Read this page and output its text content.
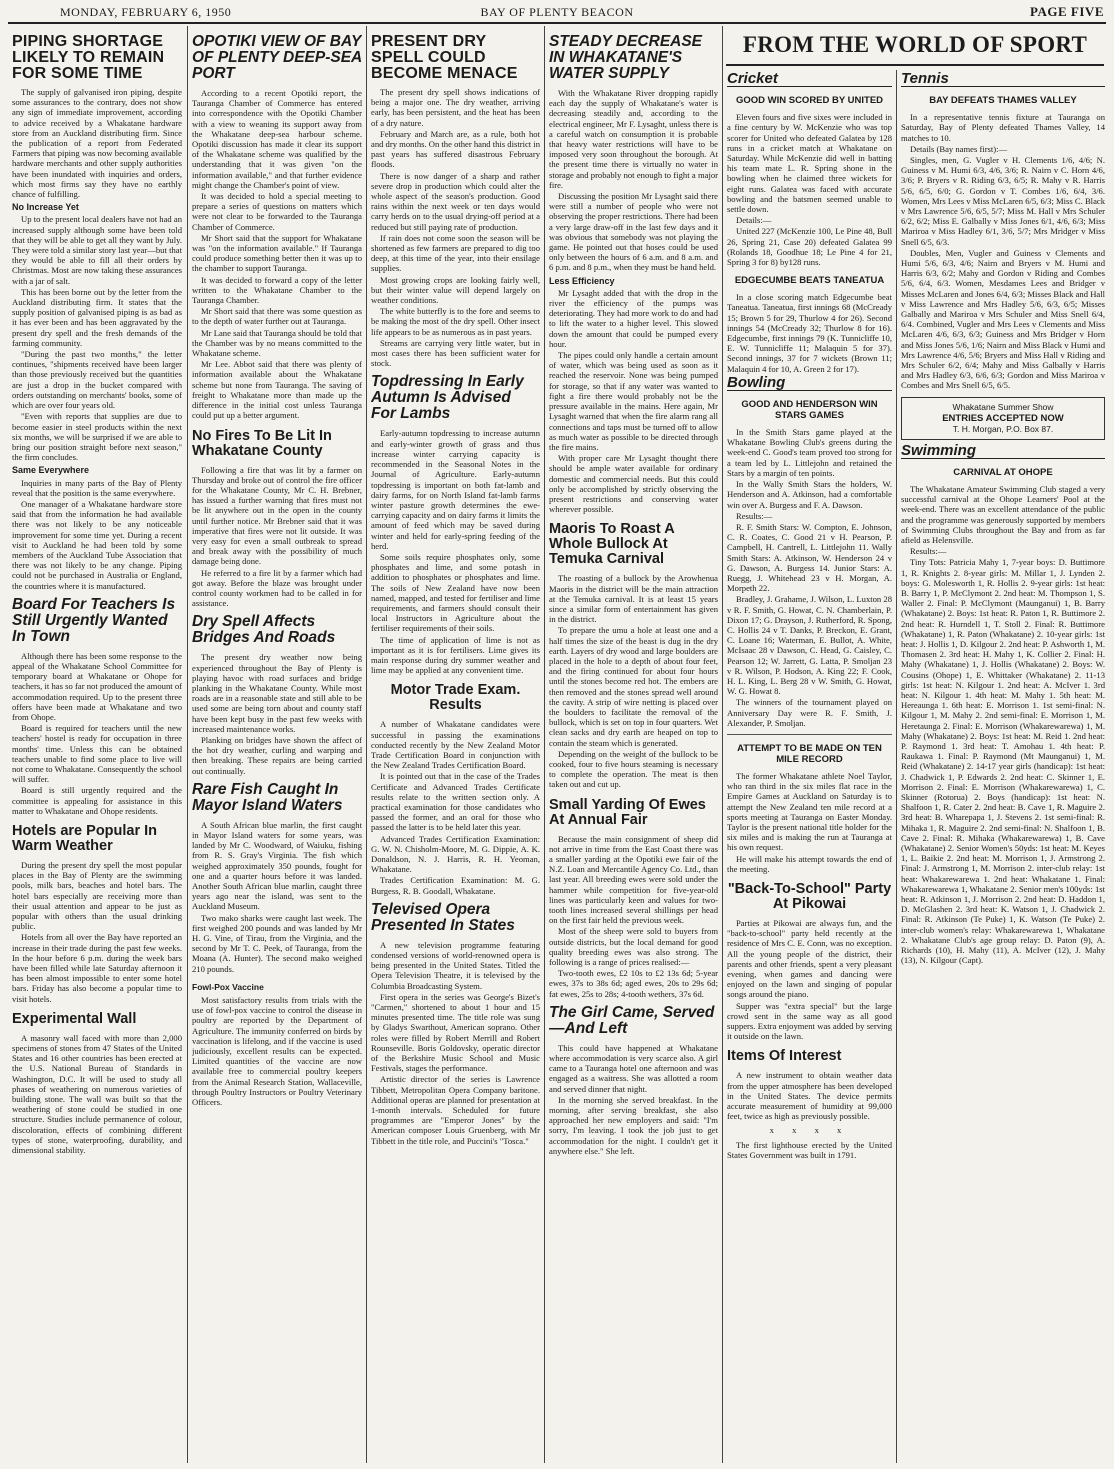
MONDAY, FEBRUARY 6, 1950	BAY OF PLENTY BEACON	PAGE FIVE
PIPING SHORTAGE LIKELY TO REMAIN FOR SOME TIME

The supply of galvanised iron piping, despite some assurances to the contrary, does not show any sign of immediate improvement, according to advice received by a Whakatane hardware store from an Auckland distributing firm. Since the publication of a report from Federated Farmers that piping was now becoming available hardware merchants and other supply authorities have been inundated with inquiries and orders, which most firms say they have no earthly chance of fulfilling.

No Increase Yet

Up to the present local dealers have not had an increased supply although some have been told that they will be able to get all they want by July. They were told a similar story last year—but that they would be able to fill all their orders by Christmas. Most are now taking these assurances with a jar of salt.

This has been borne out by the letter from the Auckland distributing firm. It states that the supply position of galvanised piping is as bad as it has ever been and has been aggravated by the present dry spell and the fresh demands of the farming community.

"During the past two months," the letter continues, "shipments received have been larger than those previously received but the quantities are just a drop in the bucket compared with orders outstanding on merchants' books, some of which are over four years old.

"Even with reports that supplies are due to become easier in steel products within the next six months, we will be surprised if we are able to bring our position straight before next season," the firm concludes.

Same Everywhere

Inquiries in many parts of the Bay of Plenty reveal that the position is the same everywhere.

One manager of a Whakatane hardware store said that from the information he had available there was not likely to be any noticeable improvement for some time yet. During a recent visit to Auckland he had been told by some members of the Auckland Tube Association that there was not likely to be any change. Piping could not be purchased in Australia or England, the countries where it is manufactured.

Board For Teachers Is Still Urgently Wanted In Town

Although there has been some response to the appeal of the Whakatane School Committee for temporary board at Whakatane or Ohope for teachers, it has so far not produced the amount of accommodation required. Up to the present three offers have been made at Whakatane and two from Ohope.

Board is required for teachers until the new teachers' hostel is ready for occupation in three months' time. Unless this can be obtained teachers unable to find some place to live will not come to Whakatane. Consequently the school will suffer.

Board is still urgently required and the committee is appealing for assistance in this matter to Whakatane and Ohope residents.

Hotels are Popular In Warm Weather

During the present dry spell the most popular places in the Bay of Plenty are the swimming pools, milk bars, beaches and hotel bars. The hotel bars especially are receiving more than their usual attention and appear to be just as popular with others than the usual drinking public.

Hotels from all over the Bay have reported an increase in their trade during the past few weeks. In the hour before 6 p.m. during the week bars have been filled while late Saturday afternoon it has been almost impossible to enter some hotel bars. Friday has also become a popular time to visit hotels.

Experimental Wall

A masonry wall faced with more than 2,000 specimens of stones from 47 States of the United States and 16 other countries has been erected at the U.S. National Bureau of Standards in Washington, D.C. It will be used to study all phases of weathering on numerous varieties of building stone. The wall was built so that the weathering of stone could be studied in one structure. Studies include permanence of colour, discoloration, effects of combining different types of stone, waterproofing, durability, and dimensional stability.

OPOTIKI VIEW OF BAY OF PLENTY DEEP-SEA PORT

According to a recent Opotiki report, the Tauranga Chamber of Commerce has entered into correspondence with the Opotiki Chamber with a view to weaning its support away from the Whakatane deep-sea harbour scheme. Opotiki discussion has made it clear its support of the Whakatane scheme was qualified by the understanding that it was given "on the information available," and that further evidence might change the Chamber's point of view.

It was decided to hold a special meeting to prepare a series of questions on matters which were not clear to be forwarded to the Tauranga Chamber of Commerce.

Mr Short said that the support for Whakatane was "on the information available." If Tauranga could produce something better then it was up to the chamber to support Tauranga.

It was decided to forward a copy of the letter written to the Whakatane Chamber to the Tauranga Chamber.

Mr Short said that there was some question as to the depth of water further out at Tauranga.

Mr Lane said that Tauranga should be told that the Chamber was by no means committed to the Whakatane scheme.

Mr Lee. Abbot said that there was plenty of information available about the Whakatane scheme but none from Tauranga. The saving of freight to Whakatane more than made up the difference in the initial cost unless Tauranga could put up a better argument.

No Fires To Be Lit In Whakatane County

Following a fire that was lit by a farmer on Thursday and broke out of control the fire officer for the Whakatane County, Mr C. H. Brebner, has issued a further warning that fires must not be lit anywhere out in the open in the county until further notice. Mr Brebner said that it was imperative that fires were not lit outside. It was very easy for even a small outbreak to spread and break away with the possibility of much damage being done.

He referred to a fire lit by a farmer which had got away. Before the blaze was brought under control county workmen had to be called in for assistance.

Dry Spell Affects Bridges And Roads

The present dry weather now being experienced throughout the Bay of Plenty is playing havoc with road surfaces and bridge planking in the Whakatane County. While most roads are in a reasonable state and still able to be used some are being torn about and county staff have been kept busy in the past few weeks with increased maintenance works.

Planking on bridges have shown the affect of the hot dry weather, curling and warping and then breaking. These repairs are being carried out continually.

Rare Fish Caught In Mayor Island Waters

A South African blue marlin, the first caught in Mayor Island waters for some years, was landed by Mr C. Woodward, of Waiuku, fishing from R. S. Gray's Virginia. The fish which weighed approximately 350 pounds, fought for one and a quarter hours before it was landed. Another South African blue marlin, caught three years ago near the island, was sent to the Auckland Museum.

Two mako sharks were caught last week. The first weighed 200 pounds and was landed by Mr H. G. Vine, of Tirau, from the Virginia, and the second by Mr T. C. Peek, of Tauranga, from the Moana (A. Hunter). The second mako weighed 210 pounds.

Fowl-Pox Vaccine

Most satisfactory results from trials with the use of fowl-pox vaccine to control the disease in poultry are reported by the Department of Agriculture. The immunity conferred on birds by vaccination is lifelong, and if the vaccine is used judiciously, excellent results can be expected. Limited quantities of the vaccine are now available free to commercial poultry keepers from the Animal Research Station, Wallaceville, through Poultry Instructors or Poultry Veterinary Officers.

PRESENT DRY SPELL COULD BECOME MENACE

The present dry spell shows indications of being a major one. The dry weather, arriving early, has been persistent, and the heat has been of a dry nature.

February and March are, as a rule, both hot and dry months. On the other hand this district in past years has suffered disastrous February floods.

There is now danger of a sharp and rather severe drop in production which could alter the whole aspect of the season's production. Good rains within the next week or ten days would carry herds on to the usual drying-off period at a reduced but still paying rate of production.

If rain does not come soon the season will be shortened as few farmers are prepared to dig too deep, at this time of the year, into their ensilage supplies.

Most growing crops are looking fairly well, but their winter value will depend largely on weather conditions.

The white butterfly is to the fore and seems to be making the most of the dry spell. Other insect life appears to be as numerous as in past years.

Streams are carrying very little water, but in most cases there has been sufficient water for stock.

Topdressing In Early Autumn Is Advised For Lambs

Early-autumn topdressing to increase autumn and early-winter growth of grass and thus increase winter carrying capacity is recommended in the Seasonal Notes in the Journal of Agriculture. Early-autumn topdressing is important on both fat-lamb and dairy farms, for on North Island fat-lamb farms winter pasture growth determines the ewe-carrying capacity and on dairy farms it limits the amount of feed which may be saved during winter and held for early-spring feeding of the herd.

Some soils require phosphates only, some phosphates and lime, and some potash in addition to phosphates or phosphates and lime. The soils of New Zealand have now been named, mapped, and tested for fertiliser and lime requirements, and farmers should consult their local Instructors in Agriculture about the fertiliser requirements of their soils.

The time of application of lime is not as important as it is for fertilisers. Lime gives its main response during dry summer weather and lime may be applied at any convenient time.

Motor Trade Exam. Results

A number of Whakatane candidates were successful in passing the examinations conducted recently by the New Zealand Motor Trade Certification Board in conjunction with the New Zealand Trades Certification Board.

It is pointed out that in the case of the Trades Certificate and Advanced Trades Certificate results relate to the written section only. A practical examination for those candidates who passed the former, and an oral for those who passed the latter is to be held later this year.

Advanced Trades Certification Examination: G. W. N. Chisholm-Moore, M. G. Dippie, A. K. Donaldson, N. J. Harris, R. H. Yeoman, Whakatane.

Trades Certification Examination: M. G. Burgess, R. B. Goodall, Whakatane.

Televised Opera Presented In States

A new television programme featuring condensed versions of world-renowned opera is being presented in the United States. Titled the Opera Television Theatre, it is televised by the Columbia Broadcasting System.

First opera in the series was George's Bizet's "Carmen," shortened to about 1 hour and 15 minutes presented time. The title role was sung by Gladys Swarthout, American soprano. Other roles were filled by Robert Merrill and Robert Rounseville. Boris Goldovsky, operatic director of the Berkshire Music School and Music Festivals, stages the performance.

Artistic director of the series is Lawrence Tibbett, Metropolitan Opera Company baritone. Additional operas are planned for presentation at 1-month intervals. Scheduled for future programmes are "Emperor Jones" by the American composer Louis Gruenberg, with Mr Tibbett in the title role, and Puccini's "Tosca."

STEADY DECREASE IN WHAKATANE'S WATER SUPPLY

With the Whakatane River dropping rapidly each day the supply of Whakatane's water is decreasing steadily and, according to the electrical engineer, Mr F. Lysaght, unless there is a careful watch on consumption it is probable that heavy water restrictions will have to be imposed very soon throughout the borough. At the present time there is virtually no water in storage and probably not enough to fight a major fire.

Discussing the position Mr Lysaght said there were still a number of people who were not observing the proper restrictions. There had been a very large draw-off in the last few days and it was obvious that somebody was not playing the game. He pointed out that hoses could be used only between the hours of 6 a.m. and 8 a.m. and 6 p.m. and 8 p.m., when they must be hand held.

Less Efficiency

Mr Lysaght added that with the drop in the river the efficiency of the pumps was deteriorating. They had more work to do and had to lift the water to a higher level. This slowed down the amount that could be pumped every hour.

The pipes could only handle a certain amount of water, which was being used as soon as it reached the reservoir. None was being pumped for storage, so that if any water was wanted to fight a fire there would probably not be the pressure available in the mains. Here again, Mr Lysaght warned that when the fire alarm rang all connections and taps must be turned off to allow as much water as possible to be directed through the fire mains.

With proper care Mr Lysaght thought there should be ample water available for ordinary domestic and commercial needs. But this could only be accomplished by strictly observing the present restrictions and conserving water wherever possible.

Maoris To Roast A Whole Bullock At Temuka Carnival

The roasting of a bullock by the Arowhenua Maoris in the district will be the main attraction at the Temuka carnival. It is at least 15 years since a similar form of entertainment has given in the district.

To prepare the umu a hole at least one and a half times the size of the beast is dug in the dry earth. Layers of dry wood and large boulders are placed in the hole to a depth of about four feet, and the firing continued for about four hours until the stones become red hot. The embers are then removed and the stones spread well around the cavity. A strip of wire netting is placed over the boulders to facilitate the removal of the bullock, which is set on top in four quarters. Wet clean sacks and dry earth are heaped on top to contain the steam which is generated.

Depending on the weight of the bullock to be cooked, four to five hours steaming is necessary to complete the operation. The meat is then taken out and cut up.

Small Yarding Of Ewes At Annual Fair

Because the main consignment of sheep did not arrive in time from the East Coast there was a smaller yarding at the Opotiki ewe fair of the N.Z. Loan and Mercantile Agency Co. Ltd., than last year. All breeding ewes were sold under the hammer while competition for five-year-old lines was particularly keen and values for two-tooth lines increased several shillings per head on the first fair held the previous week.

Most of the sheep were sold to buyers from outside districts, but the local demand for good quality breeding ewes was also strong. The following is a range of prices realised:—

Two-tooth ewes, £2 10s to £2 13s 6d; 5-year ewes, 37s to 38s 6d; aged ewes, 20s to 29s 6d; fat ewes, 25s to 28s; 4-tooth wethers, 37s 6d.

The Girl Came, Served—And Left

This could have happened at Whakatane where accommodation is very scarce also. A girl came to a Tauranga hotel one afternoon and was engaged as a waitress. She was allotted a room and served dinner that night.

In the morning she served breakfast. In the morning, after serving breakfast, she also approached her new employers and said: "I'm sorry, I'm leaving. I took the job just to get accommodation for the night. I couldn't get it anywhere else." She left.

FROM THE WORLD OF SPORT
Cricket
GOOD WIN SCORED BY UNITED

Eleven fours and five sixes were included in a fine century by W. McKenzie who was top scorer for United who defeated Galatea by 128 runs in a cricket match at Whakatane on Saturday. While McKenzie did well in batting his team mate L. R. Spring shone in the bowling when he claimed three wickets for eight runs. Galatea was faced with accurate bowling and the batsmen seemed unable to settle down.

Details:—

United 227 (McKenzie 100, Le Pine 48, Bull 26, Spring 21, Case 20) defeated Galatea 99 (Rolands 18, Goodhue 18; Le Pine 4 for 21, Spring 3 for 8) by128 runs.

EDGECUMBE BEATS TANEATUA

In a close scoring match Edgecumbe beat Taneatua. Taneatua, first innings 68 (McCready 15; Brown 5 for 29, Thurlow 4 for 26). Second innings 54 (McCready 32; Thurlow 8 for 16). Edgecumbe, first innings 79 (K. Tunnicliffe 10, E. W. Tunnicliffe 11; Malaquin 5 for 37). Second innings, 37 for 7 wickets (Brown 11; Malaquin 4 for 10, A. Green 2 for 17).

Bowling
GOOD AND HENDERSON WIN STARS GAMES

In the Smith Stars game played at the Whakatane Bowling Club's greens during the week-end C. Good's team proved too strong for a team led by L. Littlejohn and retained the Stars by a margin of ten points.

In the Wally Smith Stars the holders, W. Henderson and A. Atkinson, had a comfortable win over A. Burgess and F. A. Dawson.

Results:—

R. F. Smith Stars: W. Compton, E. Johnson, C. R. Coates, C. Good 21 v H. Pearson, P. Campbell, H. Cantrell, L. Littlejohn 11. Wally Smith Stars: A. Atkinson, W. Henderson 24 v G. Dawson, A. Burgess 14. Junior Stars: A. Ruegg, J. Whitehead 23 v H. Morgan, A. Morpeth 22.

Bradley, J. Grahame, J. Wilson, L. Luxton 28 v R. F. Smith, G. Howat, C. N. Chamberlain, P. Dixon 17; G. Drayson, J. Rutherford, R. Spong, C. Hollis 24 v T. Danks, P. Breckon, E. Grant, C. Loane 16; Waterman, E. Bullot, A. White, McIsaac 28 v Dawson, C. Head, G. Caisley, C. Pearson 12; W. Jarrett, G. Latta, P. Smoljan 23 v R. Wilson, P. Hodson, A. King 22; F. Cook, H. L. King, L. Berg 28 v W. Smith, G. Howat, W. G. Howat 8.

The winners of the tournament played on Anniversary Day were R. F. Smith, J. Alexander, P. Smoljan.

ATTEMPT TO BE MADE ON TEN MILE RECORD

The former Whakatane athlete Noel Taylor, who ran third in the six miles flat race in the Empire Games at Auckland on Saturday is to attempt the New Zealand ten mile record at a sports meeting at Tauranga on Easter Monday. Taylor is the present national title holder for the six miles and is making the run at Tauranga at his own request.

He will make his attempt towards the end of the meeting.

"Back-To-School" Party At Pikowai

Parties at Pikowai are always fun, and the "back-to-school" party held recently at the residence of Mrs C. E. Conn, was no exception. All the young people of the district, their parents and other friends, spent a very pleasant evening, when games and dancing were enjoyed on the lawn and singing of popular songs around the piano.

Supper was "extra special" but the large crowd sent in the same way as all good suppers. Extra enjoyment was added by serving it outside on the lawn.

Items Of Interest

A new instrument to obtain weather data from the upper atmosphere has been developed in the United States. The device permits accurate measurement of humidity at 99,000 feet, twice as high as previously possible.

x x x x

The first lighthouse erected by the United States Government was built in 1791.

Tennis
BAY DEFEATS THAMES VALLEY

In a representative tennis fixture at Tauranga on Saturday, Bay of Plenty defeated Thames Valley, 14 matches to 10.

Details (Bay names first):—

Singles, men, G. Vugler v H. Clements 1/6, 4/6; N. Guiness v M. Humi 6/3, 4/6, 3/6; R. Nairn v C. Horn 4/6, 3/6; P. Bryers v R. Riding 6/3, 6/5; R. Mahy v R. Harris 5/6, 6/5, 6/0; G. Gordon v T. Combes 1/6, 6/4, 3/6. Women, Mrs Lees v Miss McLaren 6/5, 6/3; Miss C. Black v Mrs Lawrence 5/6, 6/5, 5/7; Miss M. Hall v Mrs Schuler 6/2, 6/2; Miss E. Galbally v Miss Jones 6/1, 4/6, 6/3; Miss Mariroa v Miss Hadley 6/1, 3/6, 5/7; Mrs Mridger v Miss Snell 6/5, 6/3.

Doubles, Men, Vugler and Guiness v Clements and Humi 5/6, 6/3, 4/6; Nairn and Bryers v M. Humi and Harris 6/3, 6/2; Mahy and Gordon v Riding and Combes 5/6, 6/4, 6/3. Women, Mesdames Lees and Bridger v Misses McLaren and Jones 6/4, 6/3; Misses Black and Hall v Miss Lawrence and Mrs Hadley 5/6, 6/3, 6/5; Misses Galbally and Mariroa v Mrs Schuler and Miss Snell 6/4, 6/4. Combined, Vugler and Mrs Lees v Clements and Miss McLaren 4/6, 6/3, 6/3; Guiness and Mrs Bridger v Horn and Miss Jones 5/6, 1/6; Nairn and Miss Black v Humi and Mrs Lawrence 4/6, 5/6; Bryers and Miss Hall v Riding and Mrs Schuler 6/2, 6/4; Mahy and Miss Galbally v Harris and Mrs Hadley 6/3, 6/6, 6/3; Gordon and Miss Mariroa v Combes and Mrs Snell 6/5, 6/5.

Whakatane Summer Show
ENTRIES ACCEPTED NOW
T. H. Morgan, P.O. Box 87.
Swimming
CARNIVAL AT OHOPE

The Whakatane Amateur Swimming Club staged a very successful carnival at the Ohope Learners' Pool at the week-end. There was an excellent attendance of the public and the programme was generously supported by members of Swimming Clubs throughout the Bay and from as far afield as Helensville.

Results:—

Tiny Tots: Patricia Mahy 1, 7-year boys: D. Buttimore 1, R. Knights 2. 8-year girls: M. Millar 1, J. Lynden 2. boys: G. Molesworth 1, R. Hollis 2. 9-year girls: 1st heat: B. Barry 1, P. McClymont 2. 2nd heat: M. Thompson 1, S. Waller 2. Final: P. McClymont (Maunganui) 1, B. Barry (Whakatane) 2. Boys: 1st heat: R. Paton 1, R. Buttimore 2. 2nd heat: R. Hurndell 1, T. Stoll 2. Final: R. Buttimore (Whakatane) 1, R. Paton (Whakatane) 2. 10-year girls: 1st heat: J. Hollis 1, D. Kilgour 2. 2nd heat: P. Ashworth 1, M. Thomasen 2. 3rd heat: H. Mahy 1, K. Collier 2. Final: H. Mahy (Whakatane) 1, J. Hollis (Whakatane) 2. Boys: W. Cousins (Ohope) 1, E. Whittaker (Whakatane) 2. 11-13 girls: 1st heat: N. Kilgour 1. 2nd heat: A. McIver 1. 3rd heat: N. Kilgour 1. 4th heat: M. Mahy 1. 5th heat: M. Hereaunga 1. 6th heat: E. Morrison 1. 1st semi-final: N. Kilgour 1, M. Mahy 2. 2nd semi-final: E. Morrison 1, M. Heretaunga 2. Final: E. Morrison (Whakarewarewa) 1, M. Mahy (Whakatane) 2. Boys: 1st heat: M. Reid 1. 2nd heat: P. Raymond 1. 3rd heat: T. Amohau 1. 4th heat: P. Raukawa 1. Final: P. Raymond (Mt Maunganui) 1, M. Reid (Whakatane) 2. 14-17 year girls (handicap): 1st heat: J. Chadwick 1, P. Edwards 2. 2nd heat: C. Skinner 1, E. Morrison 2. Final: E. Morrison (Whakarewarewa) 1, C. Skinner (Rotorua) 2. Boys (handicap): 1st heat: N. Shalfoon 1, R. Cater 2. 2nd heat: B. Cave 1, R. Maguire 2. 3rd heat: B. Wharepapa 1, J. Stevens 2. 1st semi-final: R. Mihaka 1, R. Maguire 2. 2nd semi-final: N. Shalfoon 1, B. Cave 2. Final: R. Mihaka (Whakarewarewa) 1, B. Cave (Whakatane) 2. Senior Women's 50yds: 1st heat: M. Keyes 1, L. Baikie 2. 2nd heat: M. Morrison 1, J. Armstrong 2. Final: J. Armstrong 1, M. Morrison 2. inter-club relay: 1st heat: Whakarewarewa 1. 2nd heat: Whakatane 1. Final: Whakarewarewa 1, Whakatane 2. Senior men's 100yds: 1st heat: R. Atkinson 1, J. Morrison 2. 2nd heat: D. Haddon 1, D. McGlashen 2. 3rd heat: K. Watson 1, J. Chadwick 2. Final: R. Atkinson (Te Puke) 1, K. Watson (Te Puke) 2. inter-club women's relay: Whakarewarewa 1, Whakatane 2. Whakatane Club's age group relay: D. Paton (9), A. Richards (10), H. Mahy (11), A. McIver (12), J. Mahy (13), N. Kilgour (Capt).
